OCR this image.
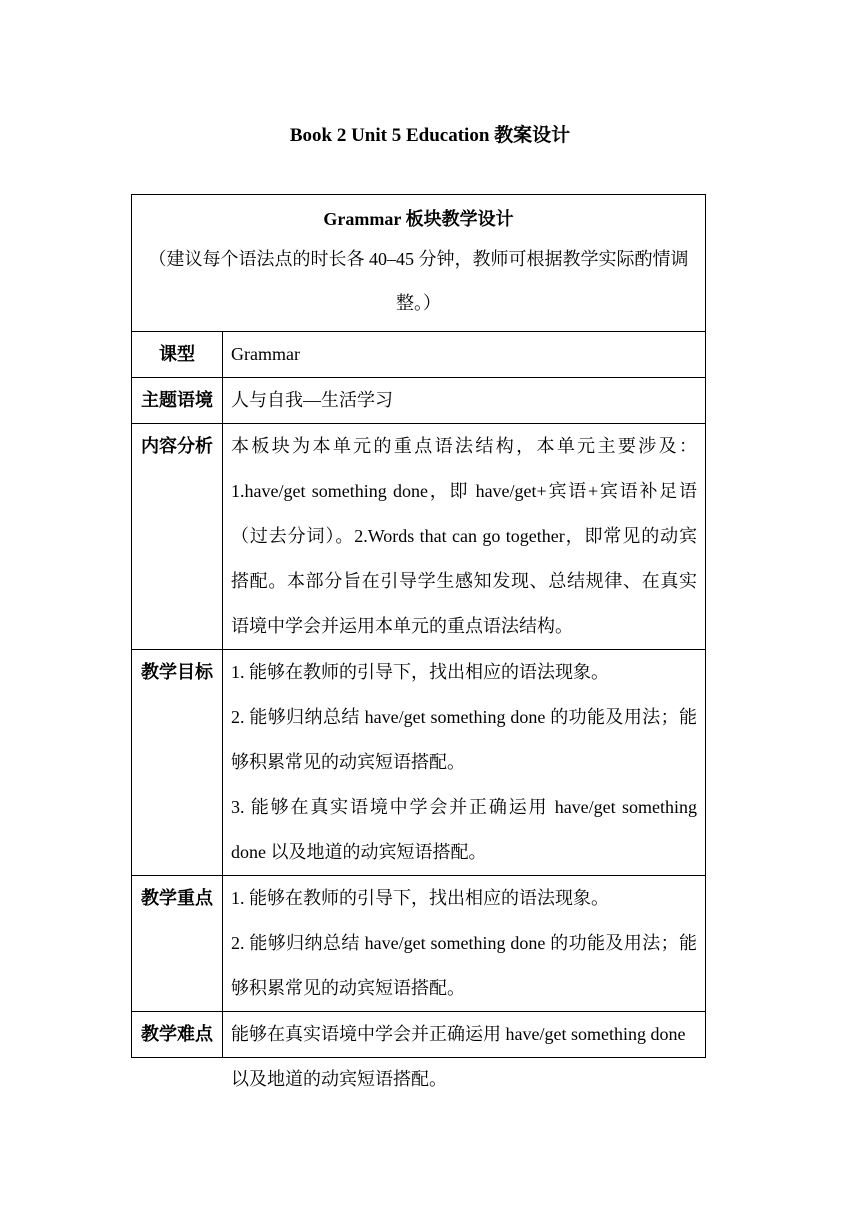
Book 2 Unit 5 Education 教案设计
Grammar 板块教学设计
（建议每个语法点的时长各 40–45 分钟，教师可根据教学实际酌情调整。）	

课型	Grammar

主题语境	人与自我—生活学习

内容分析	本板块为本单元的重点语法结构，本单元主要涉及：1.have/get something done，即 have/get+宾语+宾语补足语（过去分词）。2.Words that can go together，即常见的动宾搭配。本部分旨在引导学生感知发现、总结规律、在真实语境中学会并运用本单元的重点语法结构。

教学目标	1. 能够在教师的引导下，找出相应的语法现象。

2. 能够归纳总结 have/get something done 的功能及用法；能够积累常见的动宾短语搭配。

3. 能够在真实语境中学会并正确运用 have/get something done 以及地道的动宾短语搭配。

教学重点	1. 能够在教师的引导下，找出相应的语法现象。

2. 能够归纳总结 have/get something done 的功能及用法；能够积累常见的动宾短语搭配。

教学难点	能够在真实语境中学会并正确运用 have/get something done 以及地道的动宾短语搭配。
